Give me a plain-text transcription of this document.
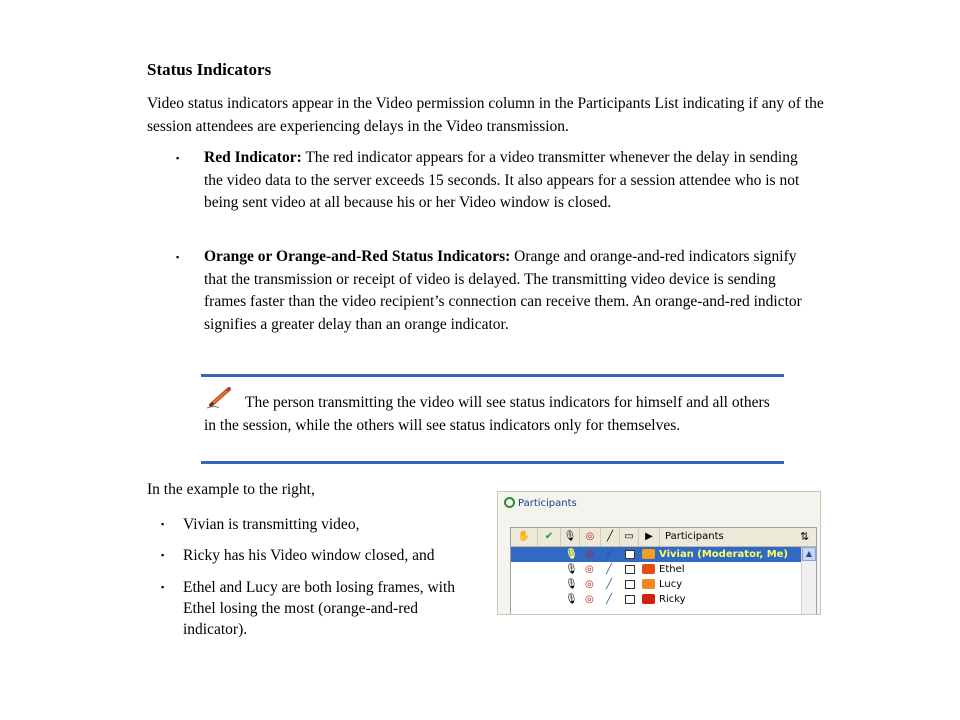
Status Indicators
Video status indicators appear in the Video permission column in the Participants List indicating if any of the session attendees are experiencing delays in the Video transmission.
▪ Red Indicator: The red indicator appears for a video transmitter whenever the delay in sending the video data to the server exceeds 15 seconds. It also appears for a session attendee who is not being sent video at all because his or her Video window is closed.
▪ Orange or Orange-and-Red Status Indicators: Orange and orange-and-red indicators signify that the transmission or receipt of video is delayed. The transmitting video device is sending frames faster than the video recipient’s connection can receive them. An orange-and-red indictor signifies a greater delay than an orange indicator.
The person transmitting the video will see status indicators for himself and all others in the session, while the others will see status indicators only for themselves.
In the example to the right,
▪ Vivian is transmitting video,
▪ Ricky has his Video window closed, and
▪ Ethel and Lucy are both losing frames, with Ethel losing the most (orange-and-red indicator).
Participants
✋	✔	🎙 ◎	╱	▭	▶	Participants	⇅
🎙 ◎ ╱	Vivian (Moderator, Me)
🎙 ◎ ╱	Ethel
🎙 ◎ ╱	Lucy
🎙 ◎ ╱	Ricky
▲
